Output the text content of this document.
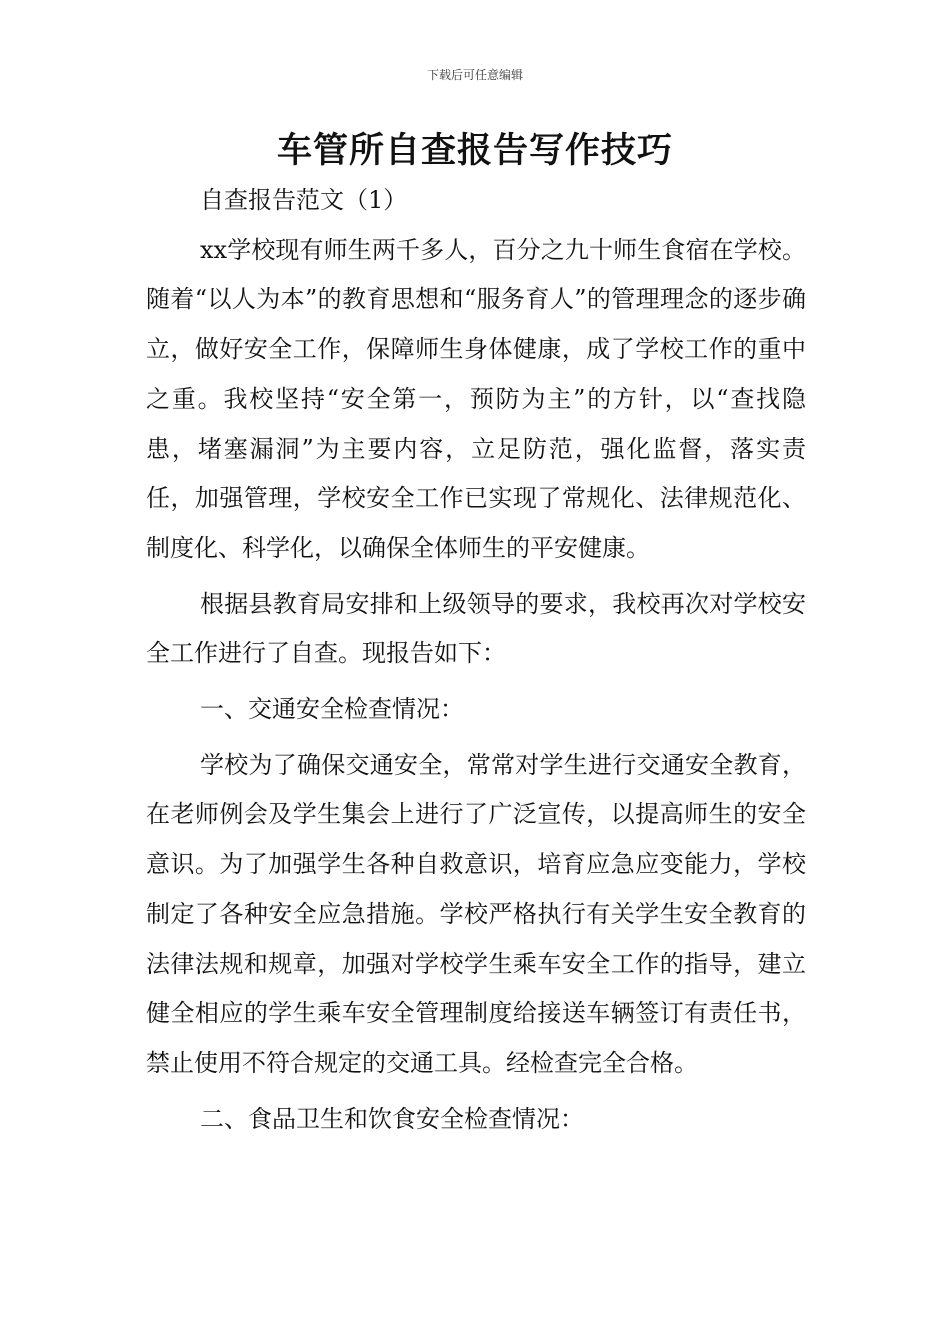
下载后可任意编辑
车管所自查报告写作技巧

自查报告范文（1）

xx学校现有师生两千多人，百分之九十师生食宿在学校。随着“以人为本”的教育思想和“服务育人”的管理理念的逐步确立，做好安全工作，保障师生身体健康，成了学校工作的重中之重。我校坚持“安全第一，预防为主”的方针，以“查找隐患，堵塞漏洞”为主要内容，立足防范，强化监督，落实责任，加强管理，学校安全工作已实现了常规化、法律规范化、制度化、科学化，以确保全体师生的平安健康。

根据县教育局安排和上级领导的要求，我校再次对学校安全工作进行了自查。现报告如下：

一、交通安全检查情况：

学校为了确保交通安全，常常对学生进行交通安全教育，在老师例会及学生集会上进行了广泛宣传，以提高师生的安全意识。为了加强学生各种自救意识，培育应急应变能力，学校制定了各种安全应急措施。学校严格执行有关学生安全教育的法律法规和规章，加强对学校学生乘车安全工作的指导，建立健全相应的学生乘车安全管理制度给接送车辆签订有责任书，禁止使用不符合规定的交通工具。经检查完全合格。

二、食品卫生和饮食安全检查情况：
